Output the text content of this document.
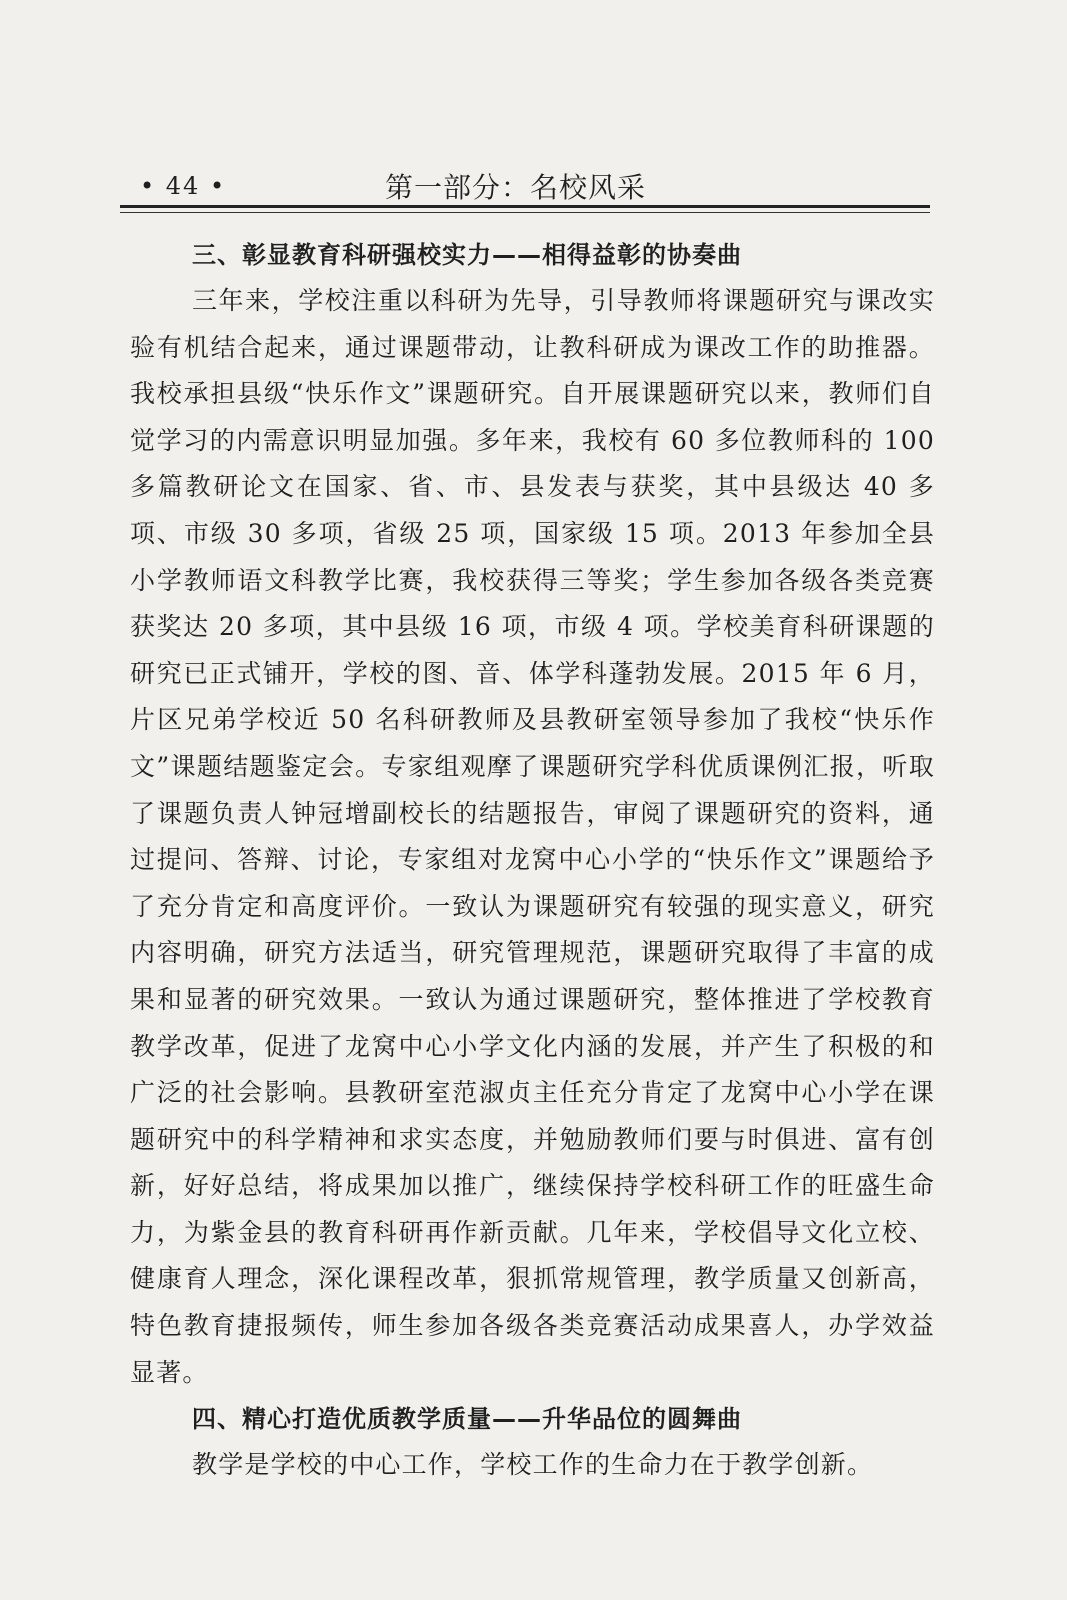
• 44 •	第一部分：名校风采

三、彰显教育科研强校实力——相得益彰的协奏曲

三年来，学校注重以科研为先导，引导教师将课题研究与课改实验有机结合起来，通过课题带动，让教科研成为课改工作的助推器。我校承担县级“快乐作文”课题研究。自开展课题研究以来，教师们自觉学习的内需意识明显加强。多年来，我校有 60 多位教师科的 100 多篇教研论文在国家、省、市、县发表与获奖，其中县级达 40 多项、市级 30 多项，省级 25 项，国家级 15 项。2013 年参加全县小学教师语文科教学比赛，我校获得三等奖；学生参加各级各类竞赛获奖达 20 多项，其中县级 16 项，市级 4 项。学校美育科研课题的研究已正式铺开，学校的图、音、体学科蓬勃发展。2015 年 6 月，片区兄弟学校近 50 名科研教师及县教研室领导参加了我校“快乐作文”课题结题鉴定会。专家组观摩了课题研究学科优质课例汇报，听取了课题负责人钟冠增副校长的结题报告，审阅了课题研究的资料，通过提问、答辩、讨论，专家组对龙窝中心小学的“快乐作文”课题给予了充分肯定和高度评价。一致认为课题研究有较强的现实意义，研究内容明确，研究方法适当，研究管理规范，课题研究取得了丰富的成果和显著的研究效果。一致认为通过课题研究，整体推进了学校教育教学改革，促进了龙窝中心小学文化内涵的发展，并产生了积极的和广泛的社会影响。县教研室范淑贞主任充分肯定了龙窝中心小学在课题研究中的科学精神和求实态度，并勉励教师们要与时俱进、富有创新，好好总结，将成果加以推广，继续保持学校科研工作的旺盛生命力，为紫金县的教育科研再作新贡献。几年来，学校倡导文化立校、健康育人理念，深化课程改革，狠抓常规管理，教学质量又创新高，特色教育捷报频传，师生参加各级各类竞赛活动成果喜人，办学效益显著。

四、精心打造优质教学质量——升华品位的圆舞曲

教学是学校的中心工作，学校工作的生命力在于教学创新。
